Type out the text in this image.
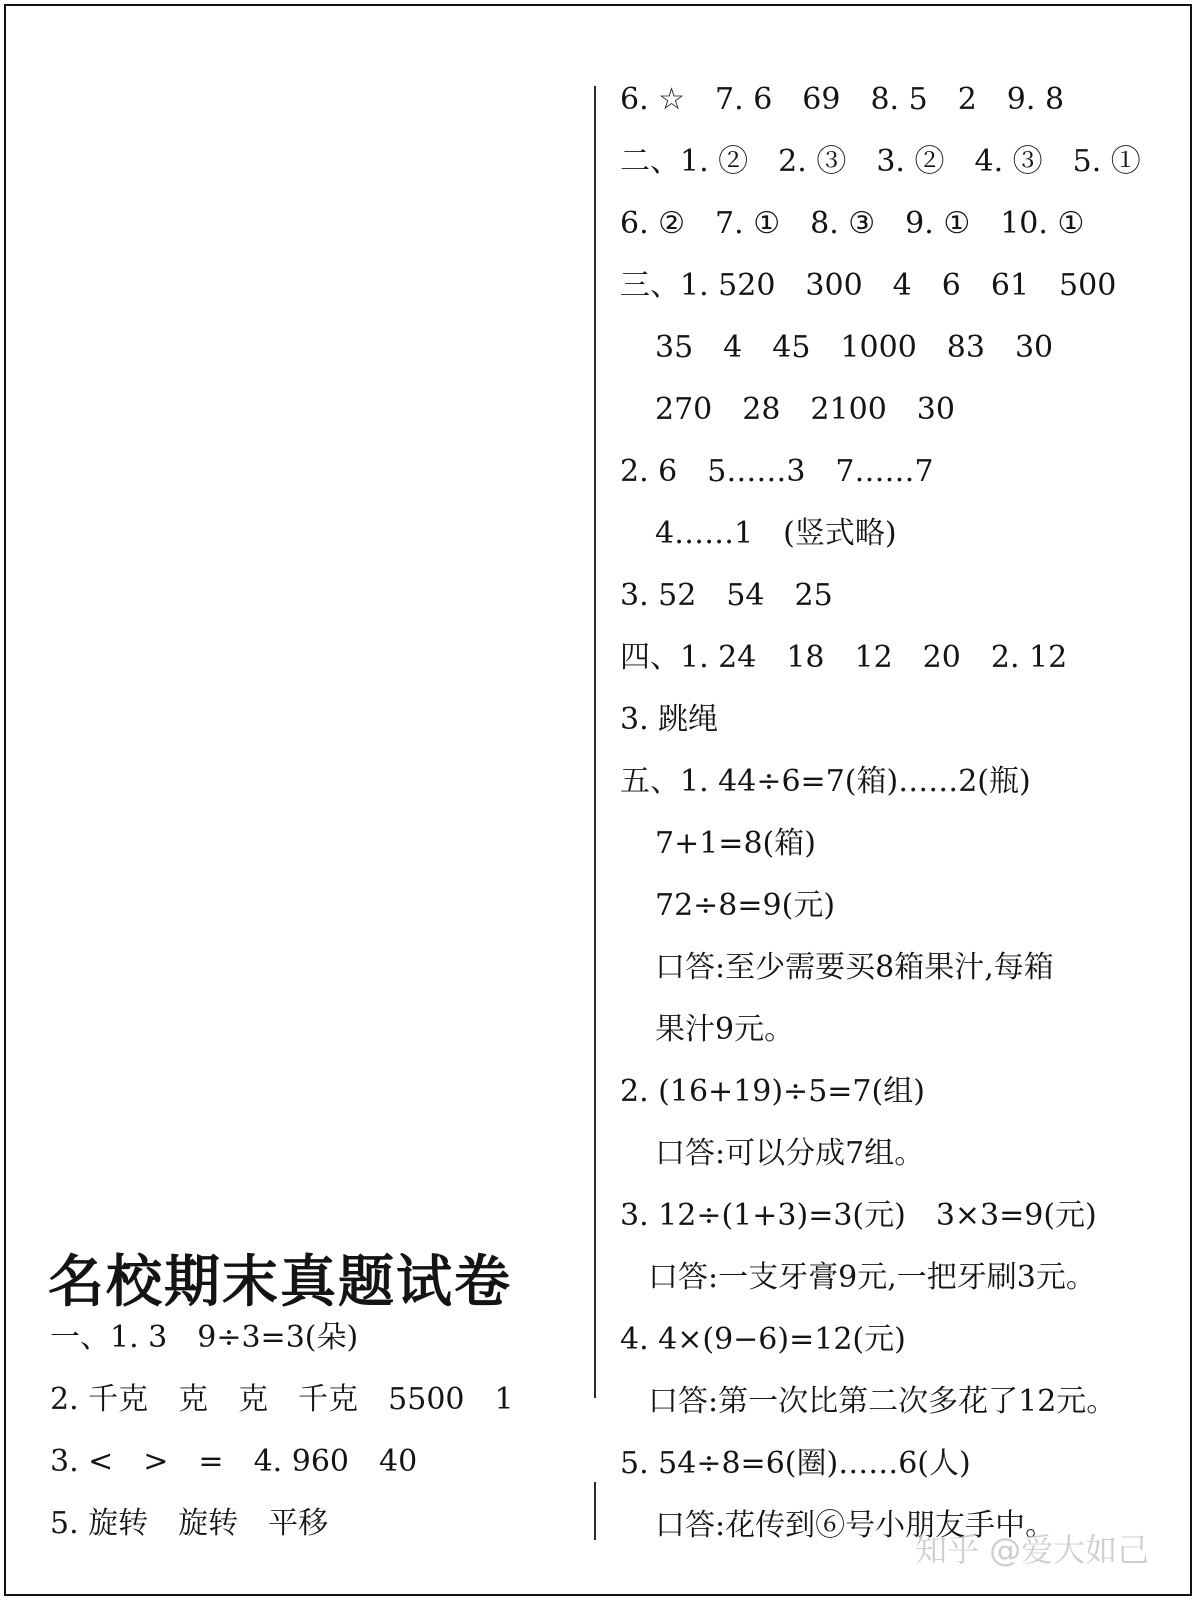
名校期末真题试卷
一、1. 3　9÷3=3(朵)
2. 千克　克　克　千克　5500　1
3. <　>　=　4. 960　40
5. 旋转　旋转　平移
6. ☆　7. 6　69　8. 5　2　9. 8
二、1. ②　2. ③　3. ②　4. ③　5. ①
6. ②　7. ①　8. ③　9. ①　10. ①
三、1. 520　300　4　6　61　500
35　4　45　1000　83　30
270　28　2100　30
2. 6　5……3　7……7
4……1　(竖式略)
3. 52　54　25
四、1. 24　18　12　20　2. 12
3. 跳绳
五、1. 44÷6=7(箱)……2(瓶)
7+1=8(箱)
72÷8=9(元)
口答:至少需要买8箱果汁,每箱
果汁9元。
2. (16+19)÷5=7(组)
口答:可以分成7组。
3. 12÷(1+3)=3(元)　3×3=9(元)
口答:一支牙膏9元,一把牙刷3元。
4. 4×(9−6)=12(元)
口答:第一次比第二次多花了12元。
5. 54÷8=6(圈)……6(人)
口答:花传到⑥号小朋友手中。
知乎 @爱大如己
